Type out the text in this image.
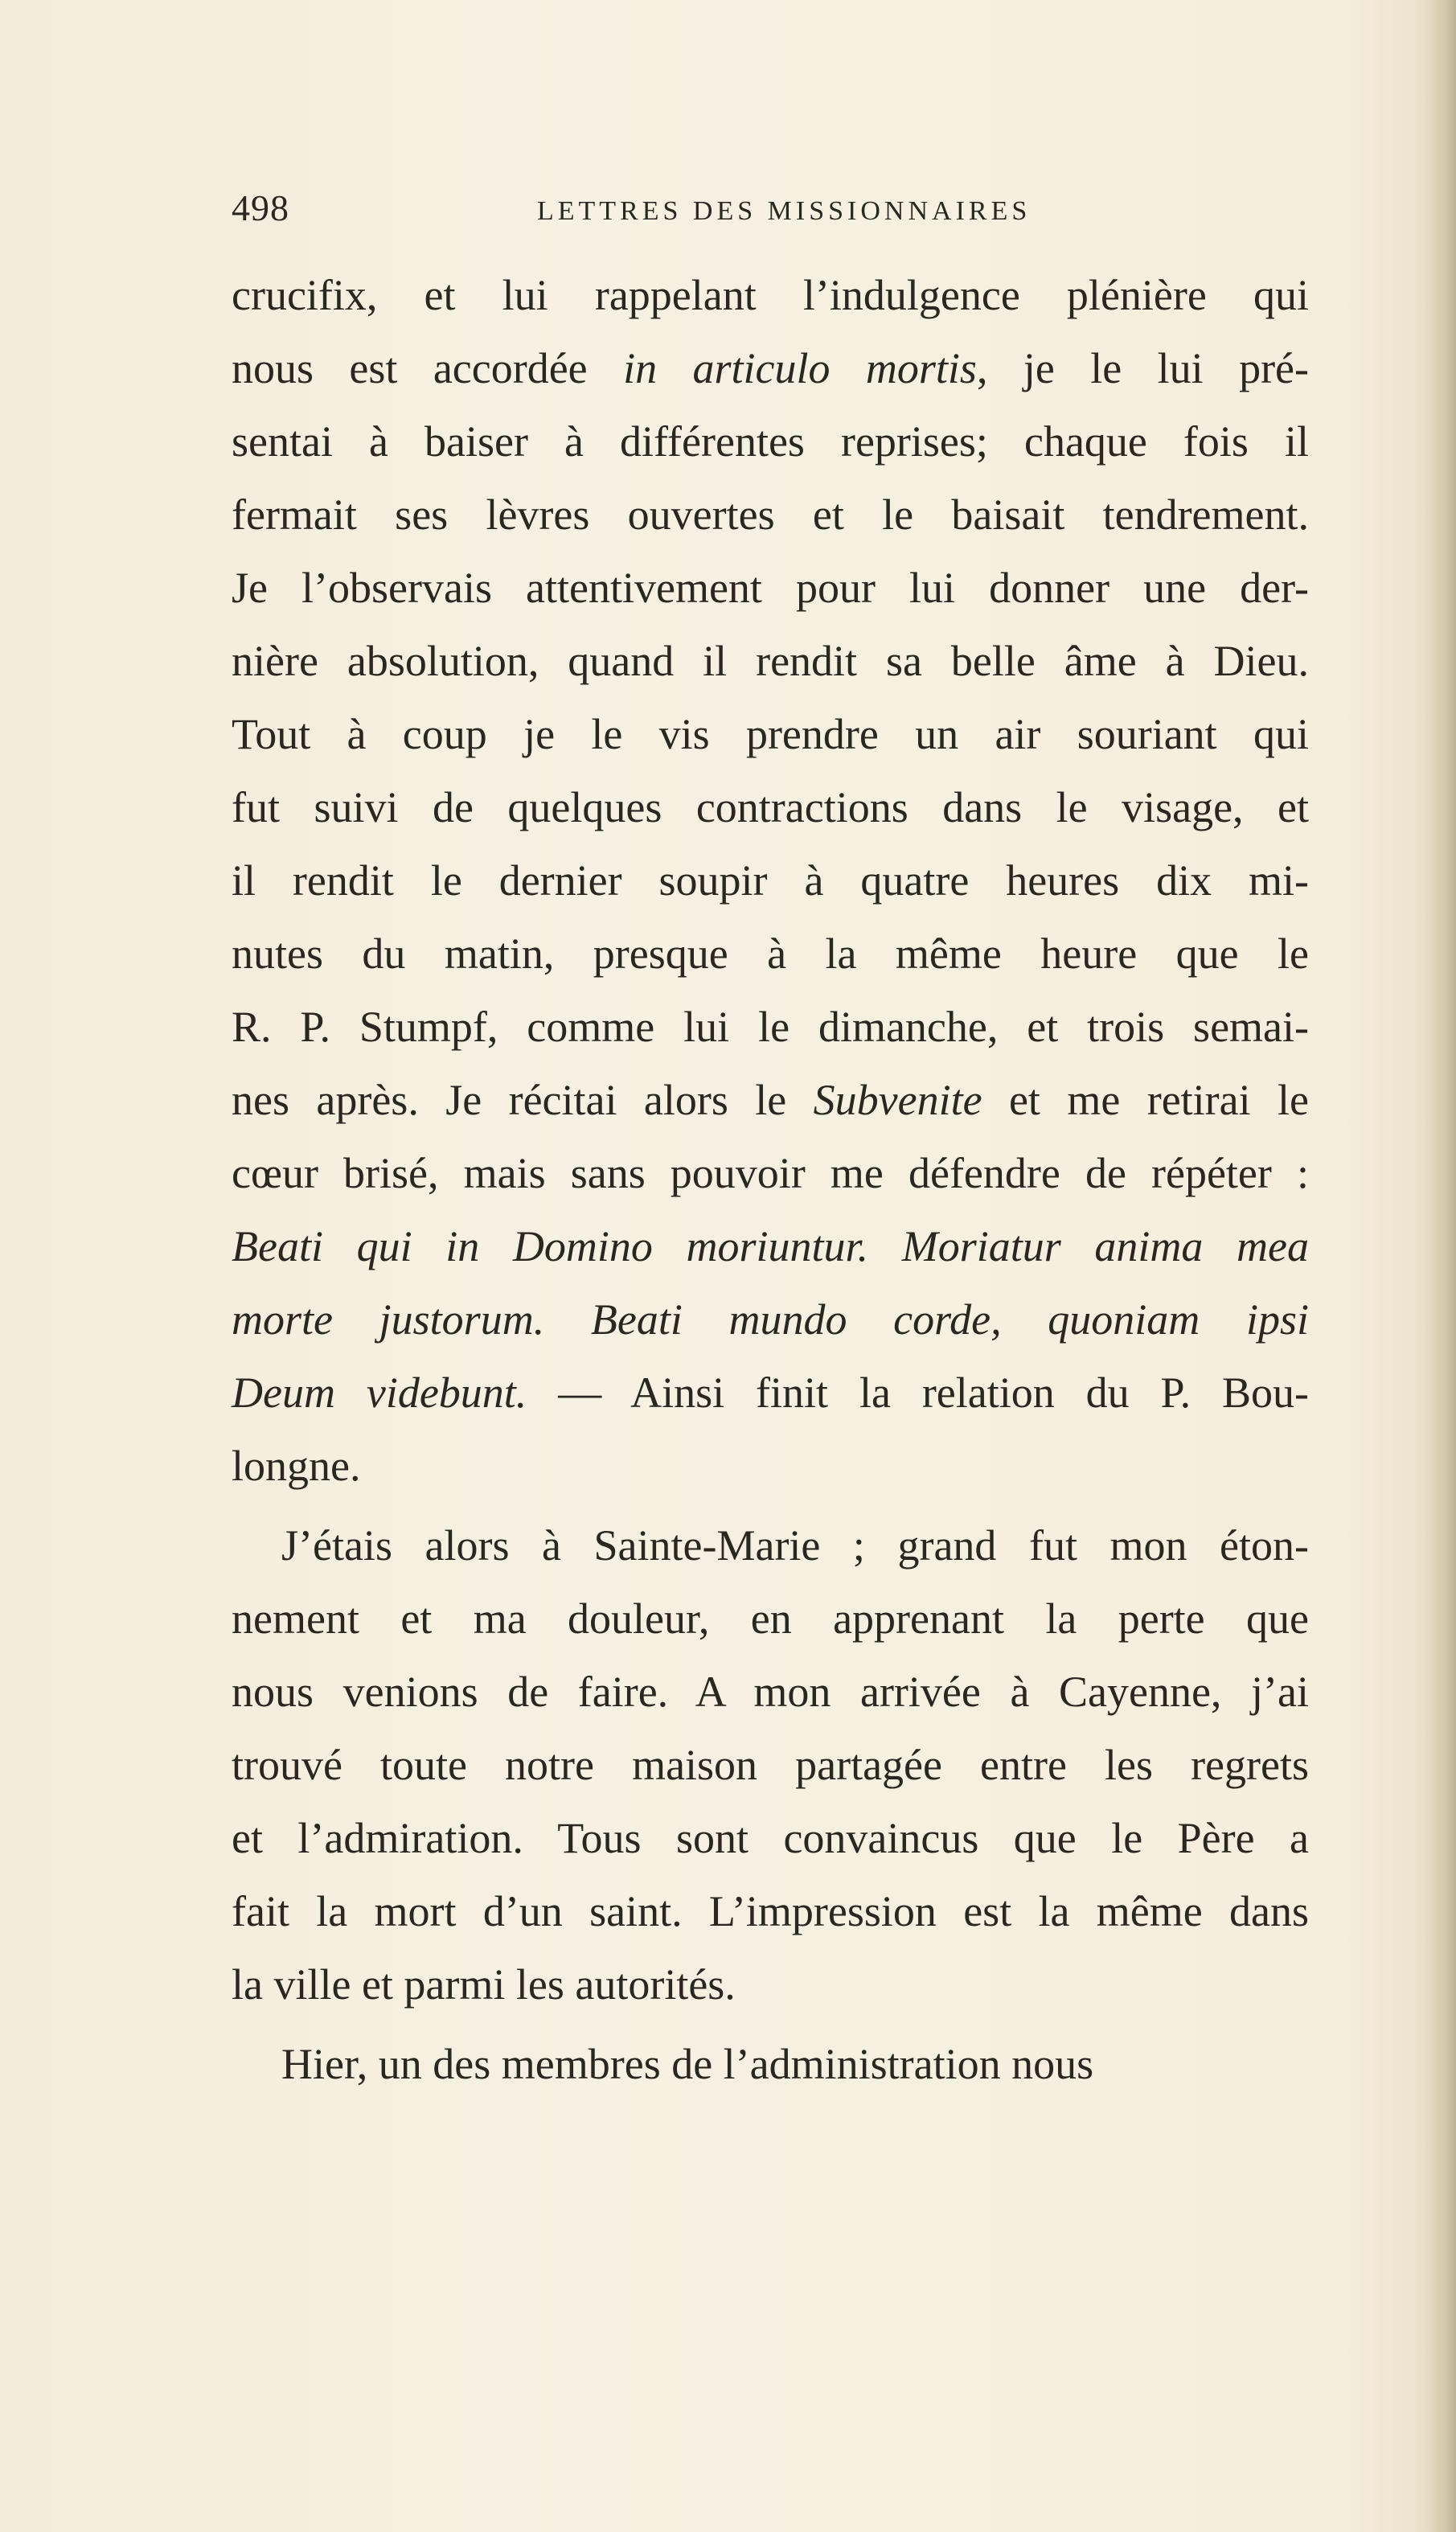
498	LETTRES DES MISSIONNAIRES
crucifix, et lui rappelant l’indulgence plénière qui
nous est accordée in articulo mortis, je le lui pré-
sentai à baiser à différentes reprises; chaque fois il
fermait ses lèvres ouvertes et le baisait tendrement.
Je l’observais attentivement pour lui donner une der-
nière absolution, quand il rendit sa belle âme à Dieu.
Tout à coup je le vis prendre un air souriant qui
fut suivi de quelques contractions dans le visage, et
il rendit le dernier soupir à quatre heures dix mi-
nutes du matin, presque à la même heure que le
R. P. Stumpf, comme lui le dimanche, et trois semai-
nes après. Je récitai alors le Subvenite et me retirai le
cœur brisé, mais sans pouvoir me défendre de répéter :
Beati qui in Domino moriuntur. Moriatur anima mea
morte justorum. Beati mundo corde, quoniam ipsi
Deum videbunt. — Ainsi finit la relation du P. Bou-
longne.
J’étais alors à Sainte-Marie ; grand fut mon éton-
nement et ma douleur, en apprenant la perte que
nous venions de faire. A mon arrivée à Cayenne, j’ai
trouvé toute notre maison partagée entre les regrets
et l’admiration. Tous sont convaincus que le Père a
fait la mort d’un saint. L’impression est la même dans
la ville et parmi les autorités.
Hier, un des membres de l’administration nous
